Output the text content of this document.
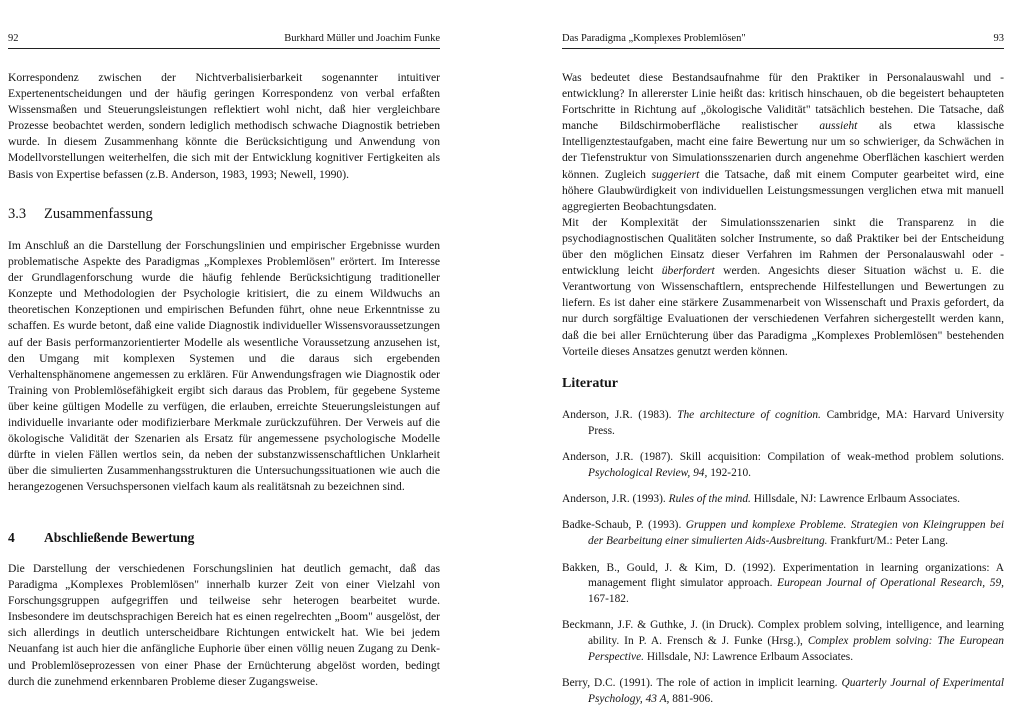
92	Burkhard Müller und Joachim Funke

Korrespondenz zwischen der Nichtverbalisierbarkeit sogenannter intuitiver Expertenentscheidungen und der häufig geringen Korrespondenz von verbal erfaßten Wissensmaßen und Steuerungsleistungen reflektiert wohl nicht, daß hier vergleichbare Prozesse beobachtet werden, sondern lediglich methodisch schwache Diagnostik betrieben wurde. In diesem Zusammenhang könnte die Berücksichtigung und Anwendung von Modellvorstellungen weiterhelfen, die sich mit der Entwicklung kognitiver Fertigkeiten als Basis von Expertise befassen (z.B. Anderson, 1983, 1993; Newell, 1990).

3.3 Zusammenfassung

Im Anschluß an die Darstellung der Forschungslinien und empirischer Ergebnisse wurden problematische Aspekte des Paradigmas „Komplexes Problemlösen" erörtert. Im Interesse der Grundlagenforschung wurde die häufig fehlende Berücksichtigung traditioneller Konzepte und Methodologien der Psychologie kritisiert, die zu einem Wildwuchs an theoretischen Konzeptionen und empirischen Befunden führt, ohne neue Erkenntnisse zu schaffen. Es wurde betont, daß eine valide Diagnostik individueller Wissensvoraussetzungen auf der Basis performanzorientierter Modelle als wesentliche Voraussetzung anzusehen ist, den Umgang mit komplexen Systemen und die daraus sich ergebenden Verhaltensphänomene angemessen zu erklären. Für Anwendungsfragen wie Diagnostik oder Training von Problemlösefähigkeit ergibt sich daraus das Problem, für gegebene Systeme über keine gültigen Modelle zu verfügen, die erlauben, erreichte Steuerungsleistungen auf individuelle invariante oder modifizierbare Merkmale zurückzuführen. Der Verweis auf die ökologische Validität der Szenarien als Ersatz für angemessene psychologische Modelle dürfte in vielen Fällen wertlos sein, da neben der substanzwissenschaftlichen Unklarheit über die simulierten Zusammenhangsstrukturen die Untersuchungssituationen wie auch die herangezogenen Versuchspersonen vielfach kaum als realitätsnah zu bezeichnen sind.

4 Abschließende Bewertung

Die Darstellung der verschiedenen Forschungslinien hat deutlich gemacht, daß das Paradigma „Komplexes Problemlösen" innerhalb kurzer Zeit von einer Vielzahl von Forschungsgruppen aufgegriffen und teilweise sehr heterogen bearbeitet wurde. Insbesondere im deutschsprachigen Bereich hat es einen regelrechten „Boom" ausgelöst, der sich allerdings in deutlich unterscheidbare Richtungen entwickelt hat. Wie bei jedem Neuanfang ist auch hier die anfängliche Euphorie über einen völlig neuen Zugang zu Denk- und Problemlöseprozessen von einer Phase der Ernüchterung abgelöst worden, bedingt durch die zunehmend erkennbaren Probleme dieser Zugangsweise.

Das Paradigma „Komplexes Problemlösen"	93

Was bedeutet diese Bestandsaufnahme für den Praktiker in Personalauswahl und -entwicklung? In allererster Linie heißt das: kritisch hinschauen, ob die begeistert behaupteten Fortschritte in Richtung auf „ökologische Validität" tatsächlich bestehen. Die Tatsache, daß manche Bildschirmoberfläche realistischer aussieht als etwa klassische Intelligenztestaufgaben, macht eine faire Bewertung nur um so schwieriger, da Schwächen in der Tiefenstruktur von Simulationsszenarien durch angenehme Oberflächen kaschiert werden können. Zugleich suggeriert die Tatsache, daß mit einem Computer gearbeitet wird, eine höhere Glaubwürdigkeit von individuellen Leistungsmessungen verglichen etwa mit manuell aggregierten Beobachtungsdaten.

Mit der Komplexität der Simulationsszenarien sinkt die Transparenz in die psychodiagnostischen Qualitäten solcher Instrumente, so daß Praktiker bei der Entscheidung über den möglichen Einsatz dieser Verfahren im Rahmen der Personalauswahl oder -entwicklung leicht überfordert werden. Angesichts dieser Situation wächst u. E. die Verantwortung von Wissenschaftlern, entsprechende Hilfestellungen und Bewertungen zu liefern. Es ist daher eine stärkere Zusammenarbeit von Wissenschaft und Praxis gefordert, da nur durch sorgfältige Evaluationen der verschiedenen Verfahren sichergestellt werden kann, daß die bei aller Ernüchterung über das Paradigma „Komplexes Problemlösen" bestehenden Vorteile dieses Ansatzes genutzt werden können.

Literatur
Anderson, J.R. (1983). The architecture of cognition. Cambridge, MA: Harvard University Press.
Anderson, J.R. (1987). Skill acquisition: Compilation of weak-method problem solutions. Psychological Review, 94, 192-210.
Anderson, J.R. (1993). Rules of the mind. Hillsdale, NJ: Lawrence Erlbaum Associates.
Badke-Schaub, P. (1993). Gruppen und komplexe Probleme. Strategien von Kleingruppen bei der Bearbeitung einer simulierten Aids-Ausbreitung. Frankfurt/M.: Peter Lang.
Bakken, B., Gould, J. & Kim, D. (1992). Experimentation in learning organizations: A management flight simulator approach. European Journal of Operational Research, 59, 167-182.
Beckmann, J.F. & Guthke, J. (in Druck). Complex problem solving, intelligence, and learning ability. In P. A. Frensch & J. Funke (Hrsg.), Complex problem solving: The European Perspective. Hillsdale, NJ: Lawrence Erlbaum Associates.
Berry, D.C. (1991). The role of action in implicit learning. Quarterly Journal of Experimental Psychology, 43 A, 881-906.
